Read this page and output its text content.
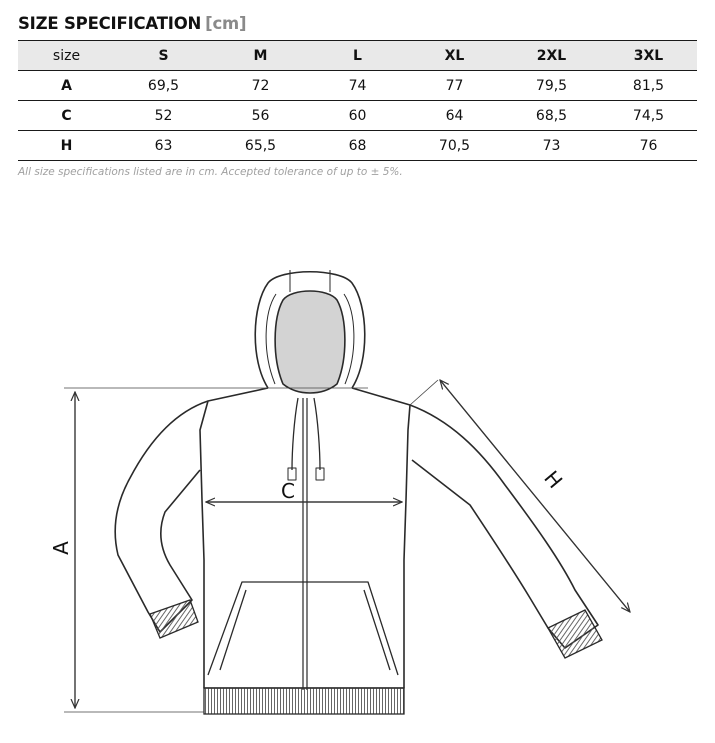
SIZE SPECIFICATION [cm]
size	S	M	L	XL	2XL	3XL
A	69,5	72	74	77	79,5	81,5
C	52	56	60	64	68,5	74,5
H	63	65,5	68	70,5	73	76
All size specifications listed are in cm. Accepted tolerance of up to ± 5%.
A
C	H
